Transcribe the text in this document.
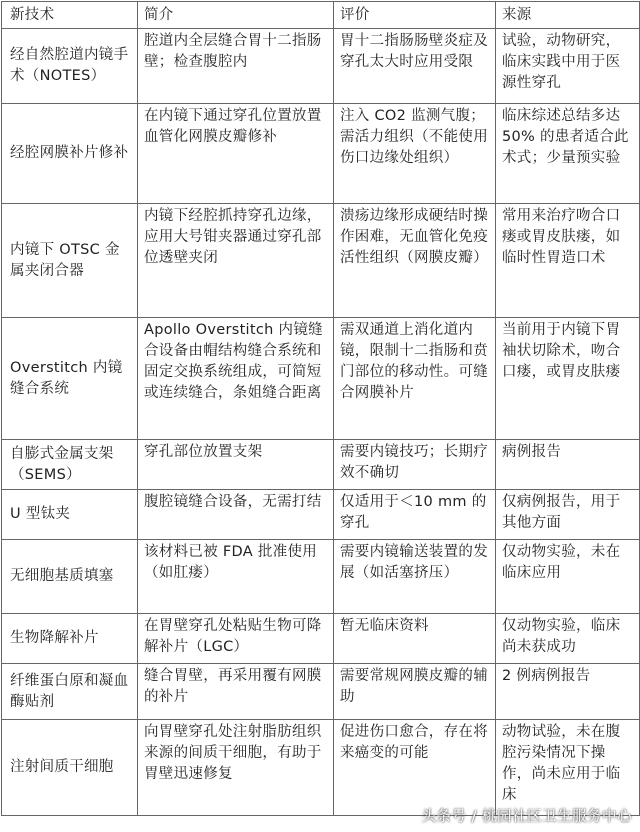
新技术	简介	评价	来源
经自然腔道内镜手术（NOTES）	腔道内全层缝合胃十二指肠壁；检查腹腔内	胃十二指肠肠壁炎症及穿孔太大时应用受限	试验，动物研究，临床实践中用于医源性穿孔
经腔网膜补片修补	在内镜下通过穿孔位置放置血管化网膜皮瓣修补	注入 CO2 监测气腹；需活力组织（不能使用伤口边缘处组织）	临床综述总结多达 50% 的患者适合此术式；少量预实验
内镜下 OTSC 金属夹闭合器	内镜下经腔抓持穿孔边缘，应用大号钳夹器通过穿孔部位透壁夹闭	溃疡边缘形成硬结时操作困难，无血管化免疫活性组织（网膜皮瓣）	常用来治疗吻合口瘘或胃皮肤瘘，如临时性胃造口术
Overstitch 内镜缝合系统	Apollo Overstitch 内镜缝合设备由帽结构缝合系统和固定交换系统组成，可简短或连续缝合，条姐缝合距离	需双通道上消化道内镜，限制十二指肠和贲门部位的移动性。可缝合网膜补片	当前用于内镜下胃袖状切除术，吻合口瘘，或胃皮肤瘘
自膨式金属支架（SEMS）	穿孔部位放置支架	需要内镜技巧；长期疗效不确切	病例报告
U 型钛夹	腹腔镜缝合设备，无需打结	仅适用于＜10 mm 的穿孔	仅病例报告，用于其他方面
无细胞基质填塞	该材料已被 FDA 批准使用（如肛瘘）	需要内镜输送装置的发展（如活塞挤压）	仅动物实验，未在临床应用
生物降解补片	在胃壁穿孔处粘贴生物可降解补片（LGC）	暂无临床资料	仅动物实验，临床尚未获成功
纤维蛋白原和凝血酶贴剂	缝合胃壁，再采用覆有网膜的补片	需要常规网膜皮瓣的辅助	2 例病例报告
注射间质干细胞	向胃壁穿孔处注射脂肪组织来源的间质干细胞，有助于胃壁迅速修复	促进伤口愈合，存在将来癌变的可能	动物试验，未在腹腔污染情况下操作，尚未应用于临床
头条号 / 桃园社区卫生服务中心
